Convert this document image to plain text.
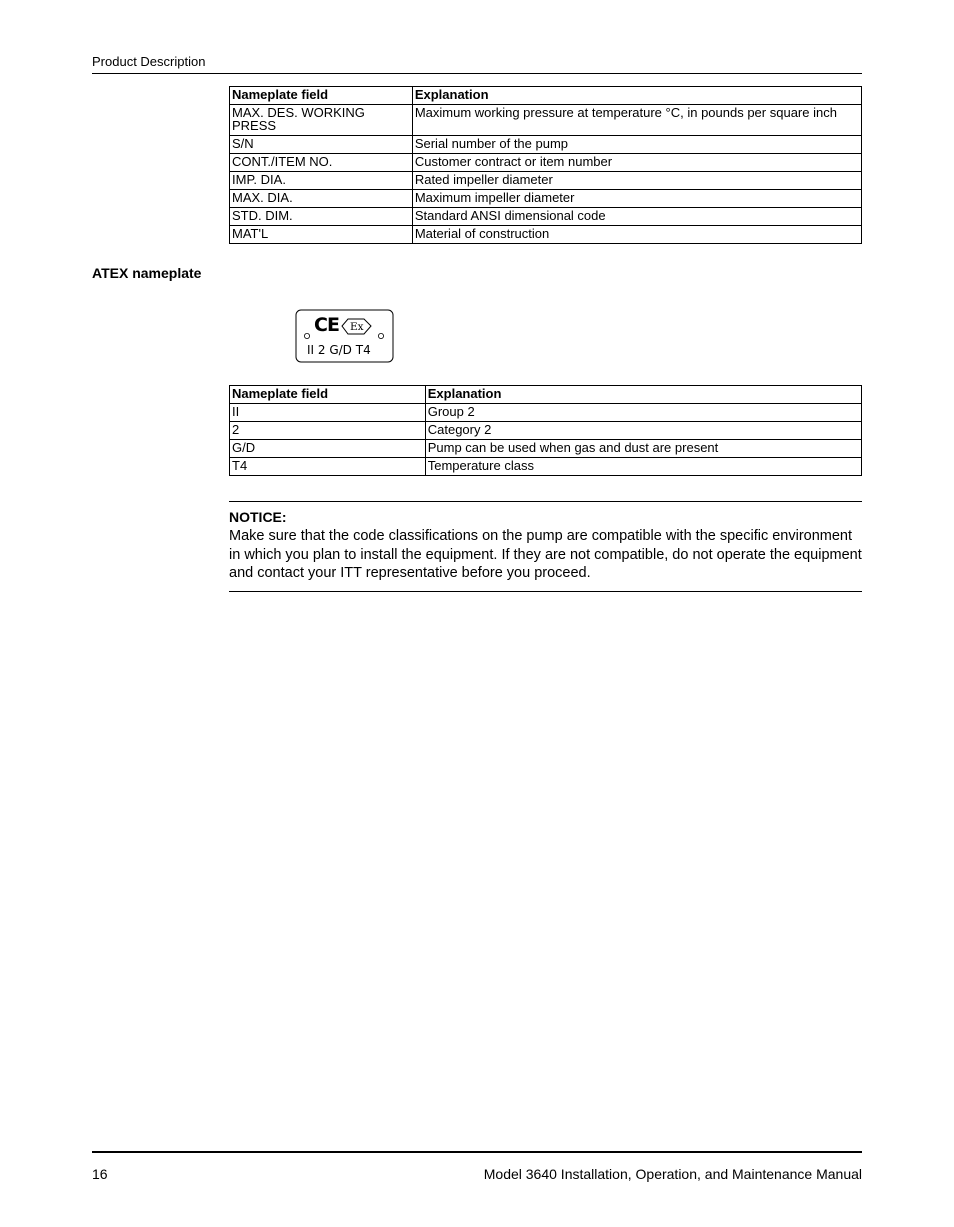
Product Description
Nameplate field	Explanation
MAX. DES. WORKING PRESS	Maximum working pressure at temperature °C, in pounds per square inch
S/N	Serial number of the pump
CONT./ITEM NO.	Customer contract or item number
IMP. DIA.	Rated impeller diameter
MAX. DIA.	Maximum impeller diameter
STD. DIM.	Standard ANSI dimensional code
MAT'L	Material of construction
ATEX nameplate
CE Ex
II 2 G/D T4
Nameplate field	Explanation
II	Group 2
2	Category 2
G/D	Pump can be used when gas and dust are present
T4	Temperature class
NOTICE:
Make sure that the code classifications on the pump are compatible with the specific environment in which you plan to install the equipment. If they are not compatible, do not operate the equipment and contact your ITT representative before you proceed.
16	Model 3640 Installation, Operation, and Maintenance Manual
